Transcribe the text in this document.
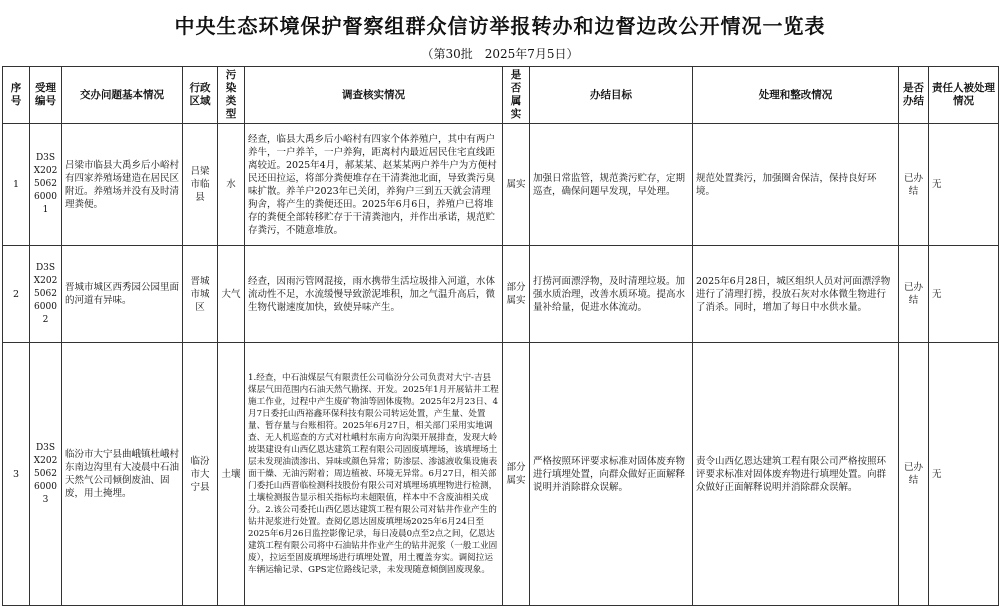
中央生态环境保护督察组群众信访举报转办和边督边改公开情况一览表
（第30批　2025年7月5日）
序号	受理编号	交办问题基本情况	行政区域	污染类型	调查核实情况	是否属实	办结目标	处理和整改情况	是否办结	责任人被处理情况
1	D3SX202506260001	吕梁市临县大禹乡后小峪村有四家养殖场建造在居民区附近。养殖场并没有及时清理粪便。	吕梁市临县	水	经查，临县大禹乡后小峪村有四家个体养殖户，其中有两户养牛，一户养羊，一户养狗，距离村内最近居民住宅直线距离较近。2025年4月，郝某某、赵某某两户养牛户为方便村民还田拉运，将部分粪便堆存在干清粪池北面，导致粪污臭味扩散。养羊户2023年已关闭，养狗户三到五天就会清理狗舍，将产生的粪便还田。2025年6月6日，养殖户已将堆存的粪便全部转移贮存于干清粪池内，并作出承诺，规范贮存粪污，不随意堆放。	属实	加强日常监管，规范粪污贮存，定期巡查，确保问题早发现，早处理。	规范处置粪污，加强圈舍保洁，保持良好环境。	已办结	无
2	D3SX202506260002	晋城市城区西秀园公园里面的河道有异味。	晋城市城区	大气	经查，因雨污管网混接，雨水携带生活垃圾排入河道，水体流动性不足，水流缓慢导致淤泥堆积，加之气温升高后，微生物代谢速度加快，致使异味产生。	部分属实	打捞河面漂浮物，及时清理垃圾。加强水质治理，改善水质环境。提高水量补给量，促进水体流动。	2025年6月28日，城区组织人员对河面漂浮物进行了清理打捞，投放石灰对水体微生物进行了消杀。同时，增加了每日中水供水量。	已办结	无
3	D3SX202506260003	临汾市大宁县曲峨镇杜峨村东南边沟里有大凌晨中石油天然气公司倾倒废油、固废，用土掩埋。	临汾市大宁县	土壤	1.经查，中石油煤层气有限责任公司临汾分公司负责对大宁-吉县煤层气田范围内石油天然气勘探、开发。2025年1月开展钻井工程施工作业，过程中产生废矿物油等固体废物。2025年2月23日、4月7日委托山西裕鑫环保科技有限公司转运处置，产生量、处置量、暂存量与台账相符。2025年6月27日，相关部门采用实地调查、无人机巡查的方式对杜峨村东南方向沟渠开展排查，发现大岭坡渠建设有山西亿恩达建筑工程有限公司固废填埋场，该填埋场土层未发现油渍渗出、异味或颜色异常；防渗层、渗滤液收集设施表面干燥、无油污附着；周边植被、环境无异常。6月27日，相关部门委托山西晋临检测科技股份有限公司对填埋场填埋物进行检测，土壤检测报告显示相关指标均未超限值，样本中不含废油相关成分。2.该公司委托山西亿恩达建筑工程有限公司对钻井作业产生的钻井泥浆进行处置。查阅亿恩达固废填埋场2025年6月24日至2025年6月26日监控影像记录，每日凌晨0点至2点之间，亿恩达建筑工程有限公司将中石油钻井作业产生的钻井泥浆（一般工业固废），拉运至固废填埋场进行填埋处置，用土覆盖夯实。调阅拉运车辆运输记录、GPS定位路线记录，未发现随意倾倒固废现象。	部分属实	严格按照环评要求标准对固体废弃物进行填埋处置，向群众做好正面解释说明并消除群众误解。	责令山西亿恩达建筑工程有限公司严格按照环评要求标准对固体废弃物进行填埋处置。向群众做好正面解释说明并消除群众误解。	已办结	无
